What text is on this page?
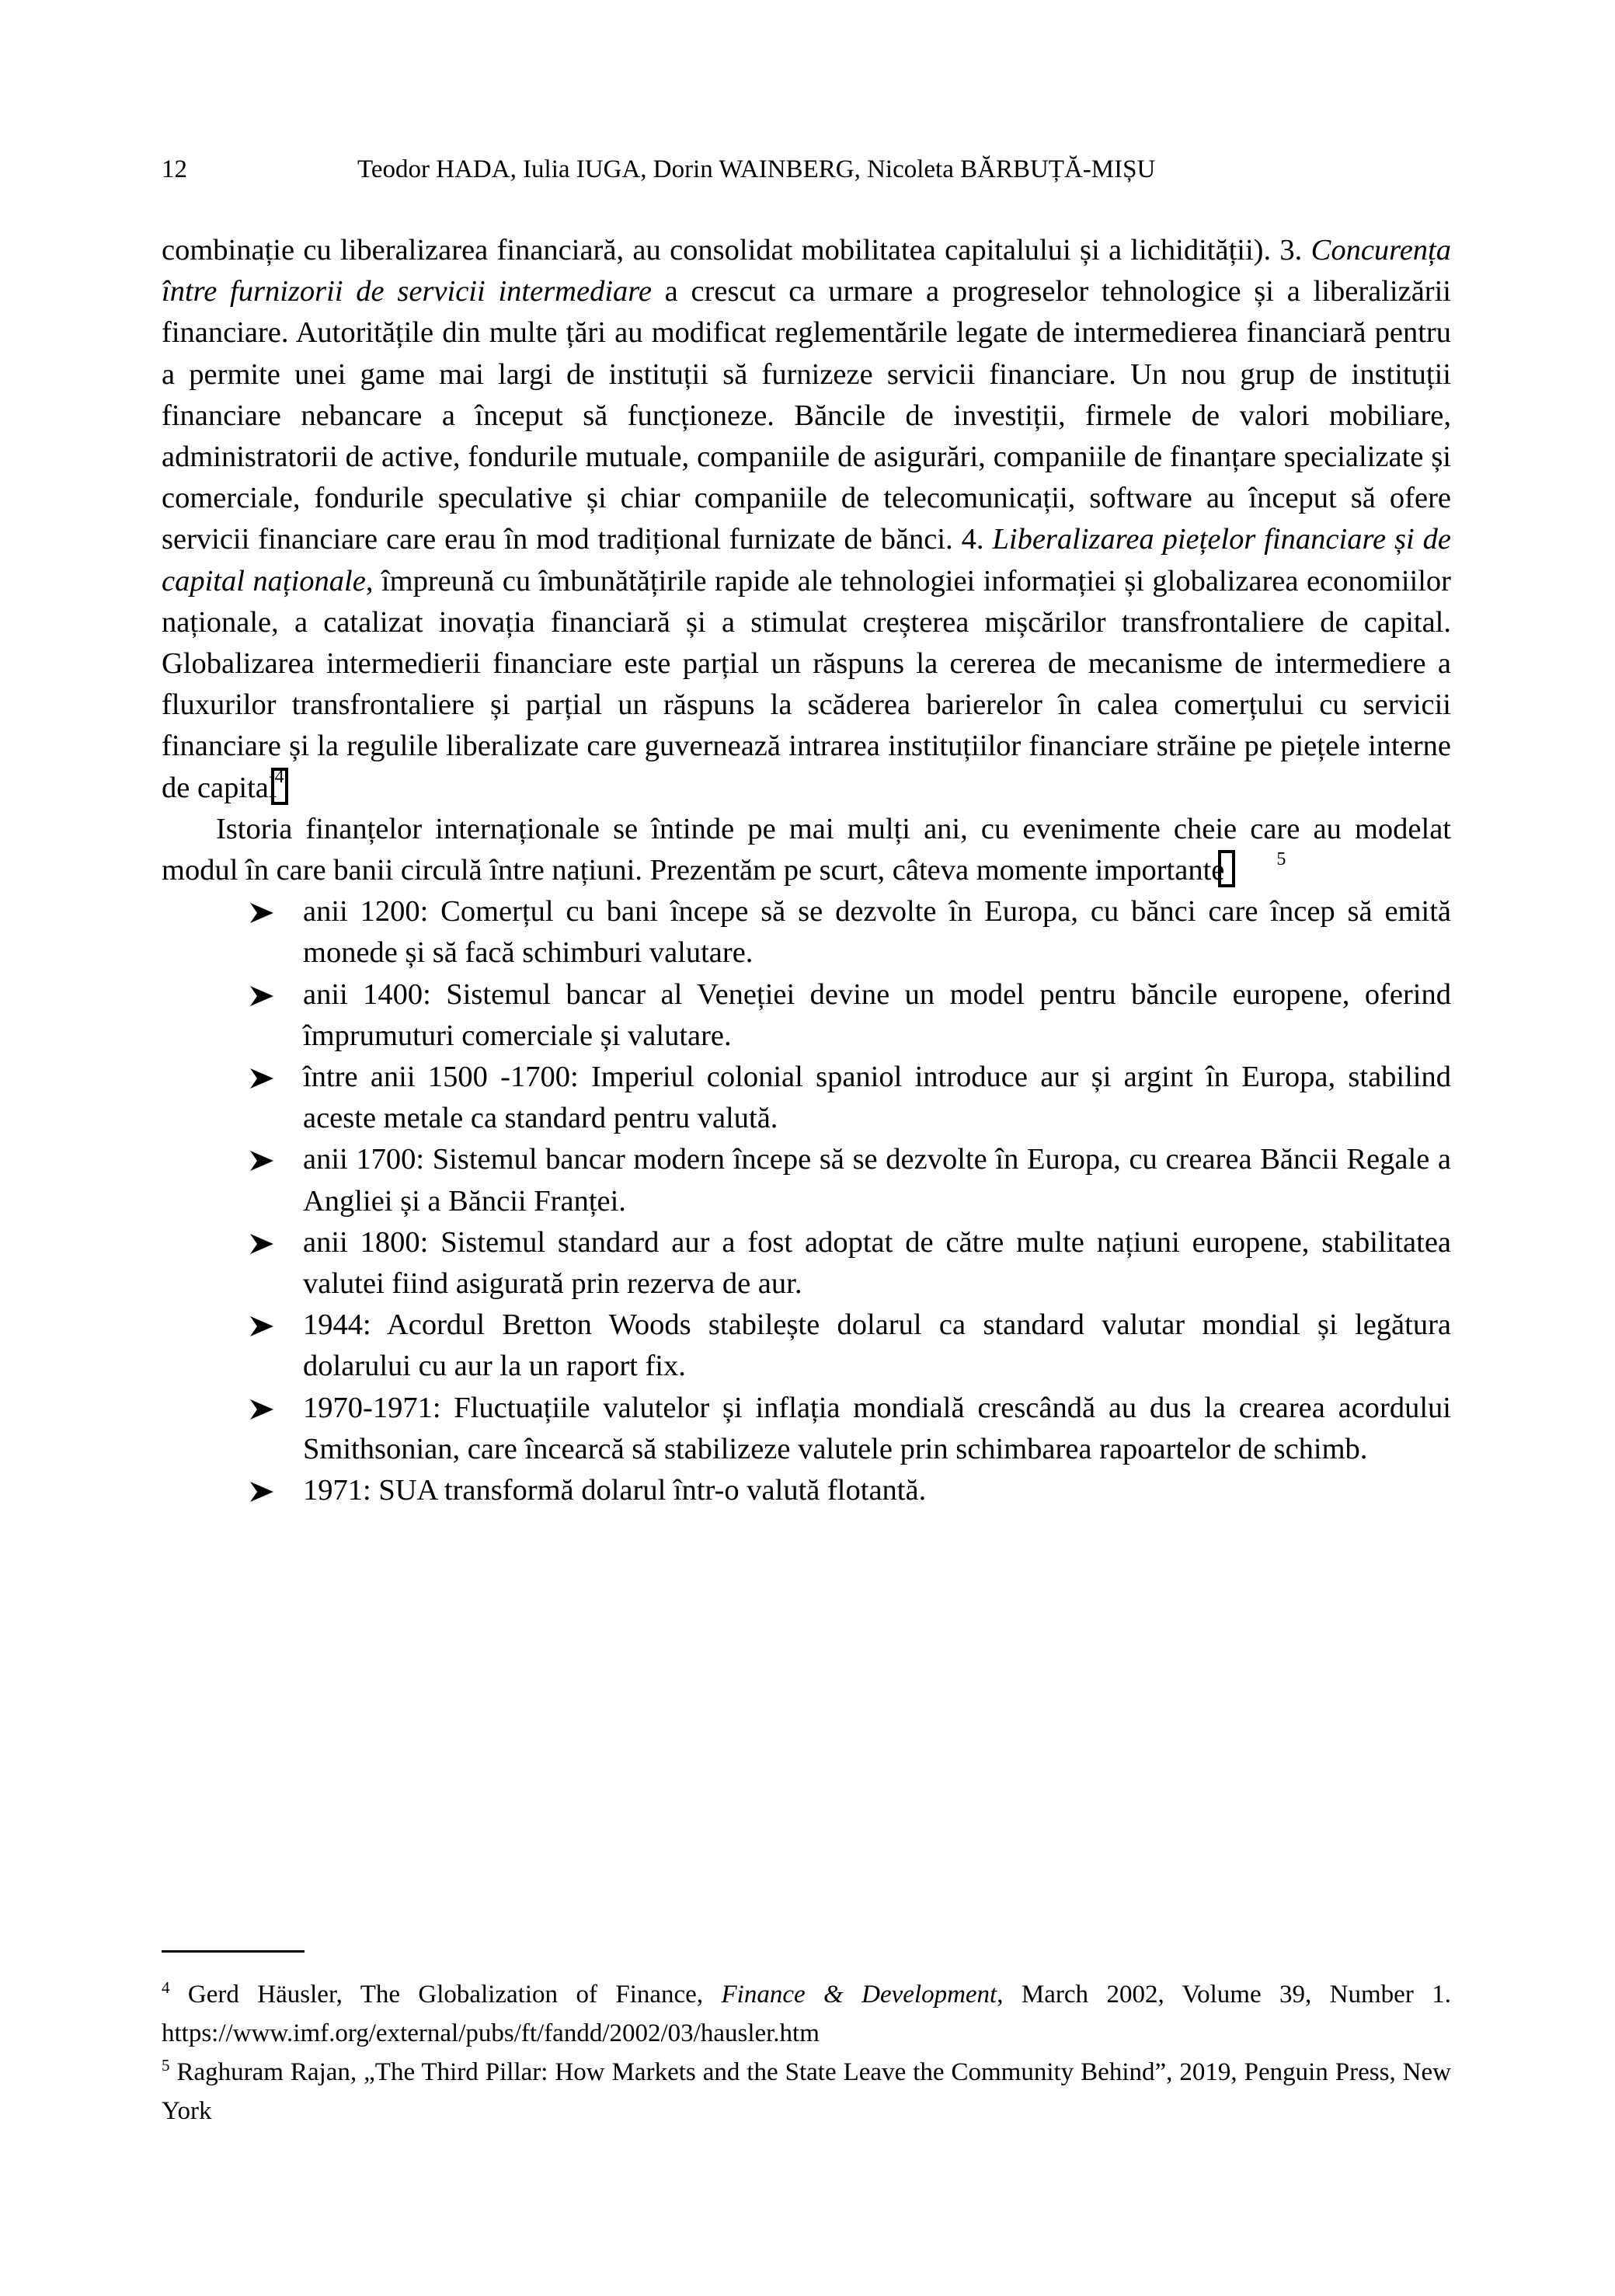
12	Teodor HADA, Iulia IUGA, Dorin WAINBERG, Nicoleta BĂRBUȚĂ-MIȘU

combinație cu liberalizarea financiară, au consolidat mobilitatea capitalului și a lichidității). 3. Concurența între furnizorii de servicii intermediare a crescut ca urmare a progreselor tehnologice și a liberalizării financiare. Autoritățile din multe țări au modificat reglementările legate de intermedierea financiară pentru a permite unei game mai largi de instituții să furnizeze servicii financiare. Un nou grup de instituții financiare nebancare a început să funcționeze. Băncile de investiții, firmele de valori mobiliare, administratorii de active, fondurile mutuale, companiile de asigurări, companiile de finanțare specializate și comerciale, fondurile speculative și chiar companiile de telecomunicații, software au început să ofere servicii financiare care erau în mod tradițional furnizate de bănci. 4. Liberalizarea piețelor financiare și de capital naționale, împreună cu îmbunătățirile rapide ale tehnologiei informației și globalizarea economiilor naționale, a catalizat inovația financiară și a stimulat creșterea mișcărilor transfrontaliere de capital. Globalizarea intermedierii financiare este parțial un răspuns la cererea de mecanisme de intermediere a fluxurilor transfrontaliere și parțial un răspuns la scăderea barierelor în calea comerțului cu servicii financiare și la regulile liberalizate care guvernează intrarea instituțiilor financiare străine pe piețele interne de capital
4

Istoria finanțelor internaționale se întinde pe mai mulți ani, cu evenimente cheie care au modelat modul în care banii circulă între națiuni. Prezentăm pe scurt, câteva momente importante	5

anii 1200: Comerțul cu bani începe să se dezvolte în Europa, cu bănci care încep să emită monede și să facă schimburi valutare.
anii 1400: Sistemul bancar al Veneției devine un model pentru băncile europene, oferind împrumuturi comerciale și valutare.
între anii 1500 -1700: Imperiul colonial spaniol introduce aur și argint în Europa, stabilind aceste metale ca standard pentru valută.
anii 1700: Sistemul bancar modern începe să se dezvolte în Europa, cu crearea Băncii Regale a Angliei și a Băncii Franței.
anii 1800: Sistemul standard aur a fost adoptat de către multe națiuni europene, stabilitatea valutei fiind asigurată prin rezerva de aur.
1944: Acordul Bretton Woods stabilește dolarul ca standard valutar mondial și legătura dolarului cu aur la un raport fix.
1970-1971: Fluctuațiile valutelor și inflația mondială crescândă au dus la crearea acordului Smithsonian, care încearcă să stabilizeze valutele prin schimbarea rapoartelor de schimb.
1971: SUA transformă dolarul într-o valută flotantă.

$^4$ Gerd Häusler, The Globalization of Finance, Finance & Development, March 2002, Volume 39, Number 1. https://www.imf.org/external/pubs/ft/fandd/2002/03/hausler.htm

$^5$ Raghuram Rajan, „The Third Pillar: How Markets and the State Leave the Community Behind”, 2019, Penguin Press, New York
